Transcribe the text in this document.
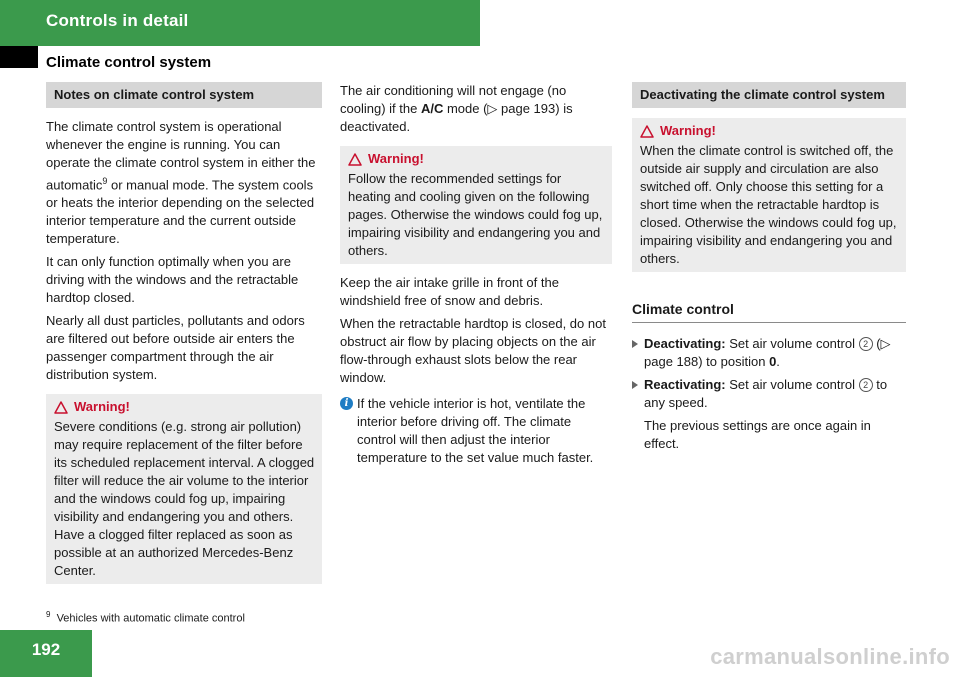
Controls in detail
Climate control system
Notes on climate control system

The climate control system is operational whenever the engine is running. You can operate the climate control system in either the automatic$^9$ or manual mode. The system cools or heats the interior depending on the selected interior temperature and the current outside temperature.

It can only function optimally when you are driving with the windows and the retractable hardtop closed.

Nearly all dust particles, pollutants and odors are filtered out before outside air enters the passenger compartment through the air distribution system.

Warning!
Severe conditions (e.g. strong air pollution) may require replacement of the filter before its scheduled replacement interval. A clogged filter will reduce the air volume to the interior and the windows could fog up, impairing visibility and endangering you and others. Have a clogged filter replaced as soon as possible at an authorized Mercedes-Benz Center.

The air conditioning will not engage (no cooling) if the A/C mode (▷ page 193) is deactivated.

Warning!
Follow the recommended settings for heating and cooling given on the following pages. Otherwise the windows could fog up, impairing visibility and endangering you and others.

Keep the air intake grille in front of the windshield free of snow and debris.

When the retractable hardtop is closed, do not obstruct air flow by placing objects on the air flow-through exhaust slots below the rear window.

i If the vehicle interior is hot, ventilate the interior before driving off. The climate control will then adjust the interior temperature to the set value much faster.
Deactivating the climate control system
Warning!
When the climate control is switched off, the outside air supply and circulation are also switched off. Only choose this setting for a short time when the retractable hardtop is closed. Otherwise the windows could fog up, impairing visibility and endangering you and others.
Climate control
Deactivating: Set air volume control 2 (▷ page 188) to position 0.
Reactivating: Set air volume control 2 to any speed.

The previous settings are once again in effect.

$^9$ Vehicles with automatic climate control
192	carmanualsonline.info
